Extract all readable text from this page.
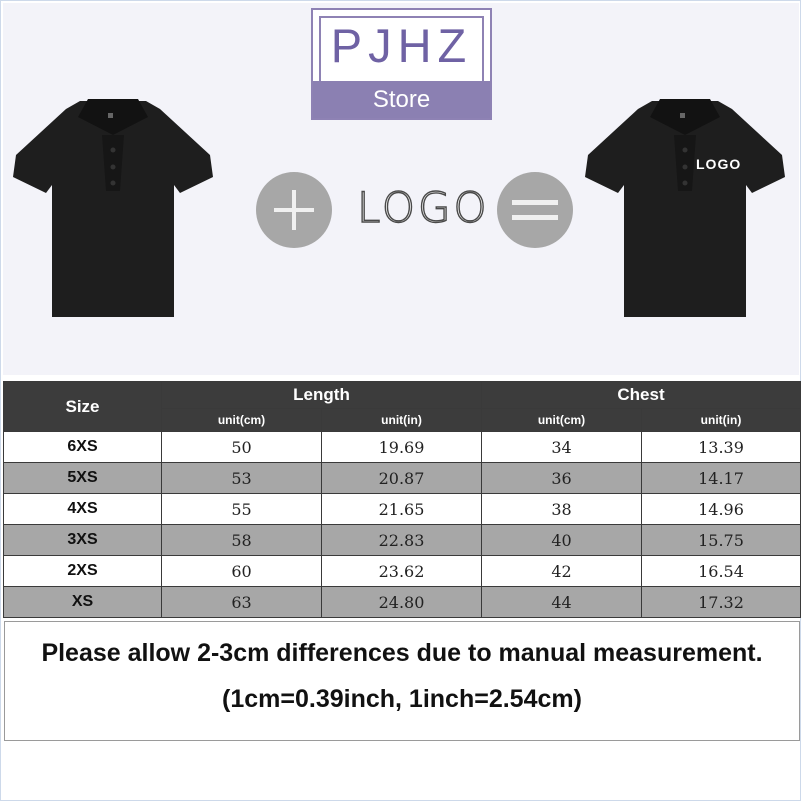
PJHZ
Store
LOGO
LOGO
Size	Length		Chest	
	unit(cm)	unit(in)	unit(cm)	unit(in)
6XS	50	19.69	34	13.39
5XS	53	20.87	36	14.17
4XS	55	21.65	38	14.96
3XS	58	22.83	40	15.75
2XS	60	23.62	42	16.54
XS	63	24.80	44	17.32
Please allow 2-3cm differences due to manual measurement.
(1cm=0.39inch, 1inch=2.54cm)
